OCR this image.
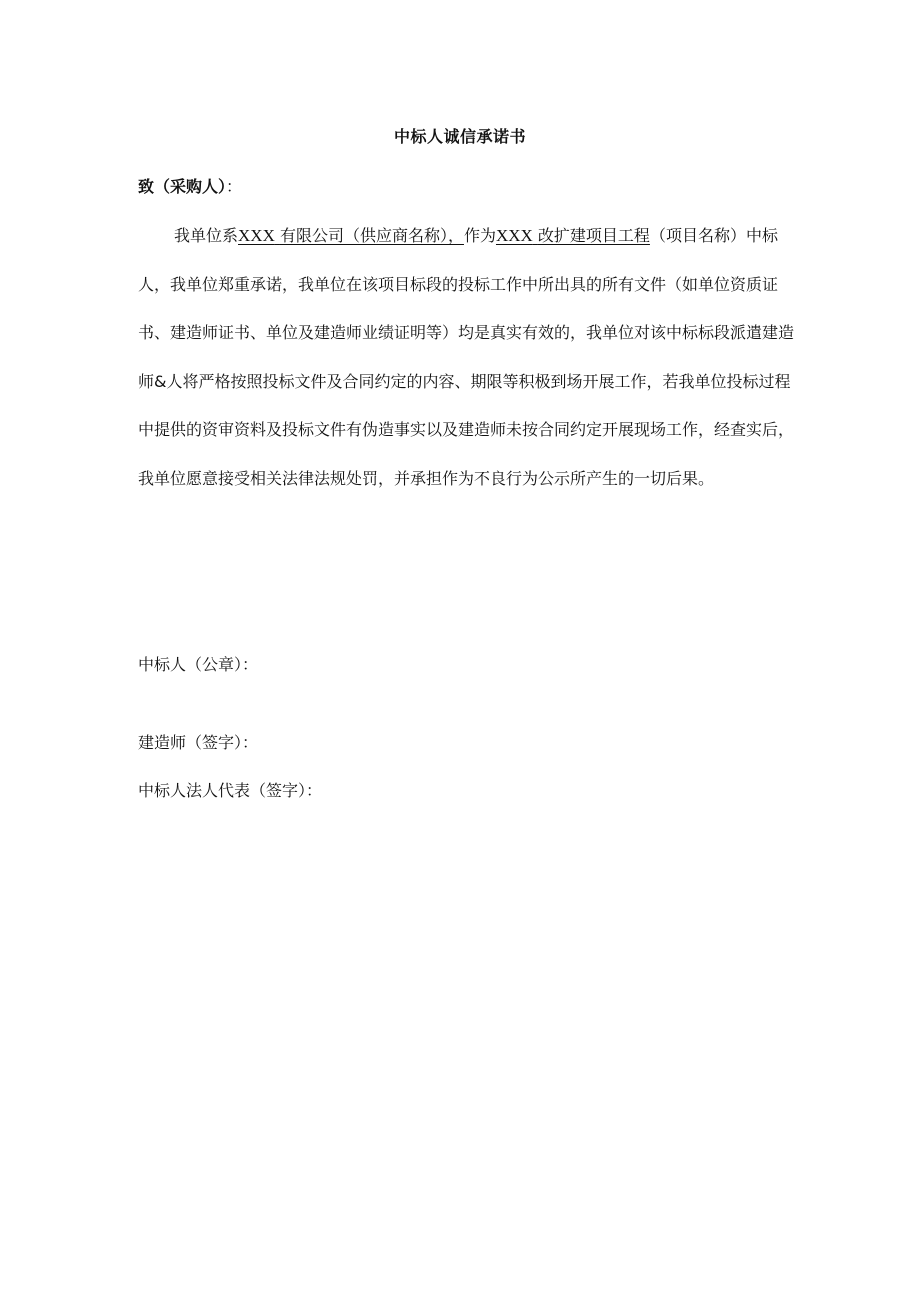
中标人诚信承诺书
致（采购人）：

我单位系XXX 有限公司（供应商名称），作为XXX 改扩建项目工程（项目名称）中标人，我单位郑重承诺，我单位在该项目标段的投标工作中所出具的所有文件（如单位资质证书、建造师证书、单位及建造师业绩证明等）均是真实有效的，我单位对该中标标段派遣建造师&人将严格按照投标文件及合同约定的内容、期限等积极到场开展工作，若我单位投标过程中提供的资审资料及投标文件有伪造事实以及建造师未按合同约定开展现场工作，经查实后，我单位愿意接受相关法律法规处罚，并承担作为不良行为公示所产生的一切后果。

中标人（公章）：
建造师（签字）：
中标人法人代表（签字）：
